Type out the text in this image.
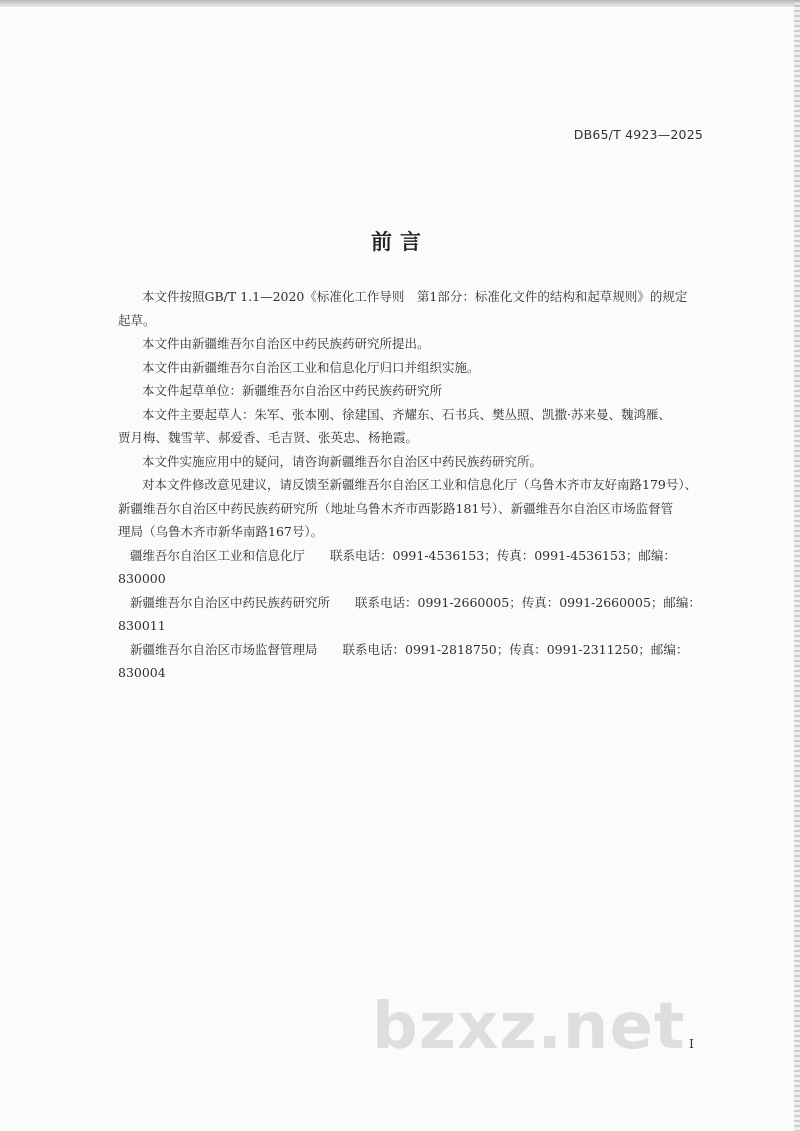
DB65/T 4923—2025
前言

本文件按照GB/T 1.1—2020《标准化工作导则　第1部分：标准化文件的结构和起草规则》的规定
起草。

本文件由新疆维吾尔自治区中药民族药研究所提出。

本文件由新疆维吾尔自治区工业和信息化厅归口并组织实施。

本文件起草单位：新疆维吾尔自治区中药民族药研究所

本文件主要起草人：朱军、张本刚、徐建国、齐耀东、石书兵、樊丛照、凯撒·苏来曼、魏鸿雁、
贾月梅、魏雪苹、郝爱香、毛吉贤、张英忠、杨艳霞。

本文件实施应用中的疑问，请咨询新疆维吾尔自治区中药民族药研究所。

对本文件修改意见建议，请反馈至新疆维吾尔自治区工业和信息化厅（乌鲁木齐市友好南路179号）、
新疆维吾尔自治区中药民族药研究所（地址乌鲁木齐市西影路181号）、新疆维吾尔自治区市场监督管
理局（乌鲁木齐市新华南路167号）。

疆维吾尔自治区工业和信息化厅　　联系电话：0991-4536153；传真：0991-4536153；邮编：
830000

新疆维吾尔自治区中药民族药研究所　　联系电话：0991-2660005；传真：0991-2660005；邮编：
830011

新疆维吾尔自治区市场监督管理局　　联系电话：0991-2818750；传真：0991-2311250；邮编：
830004

bzxz.net I
